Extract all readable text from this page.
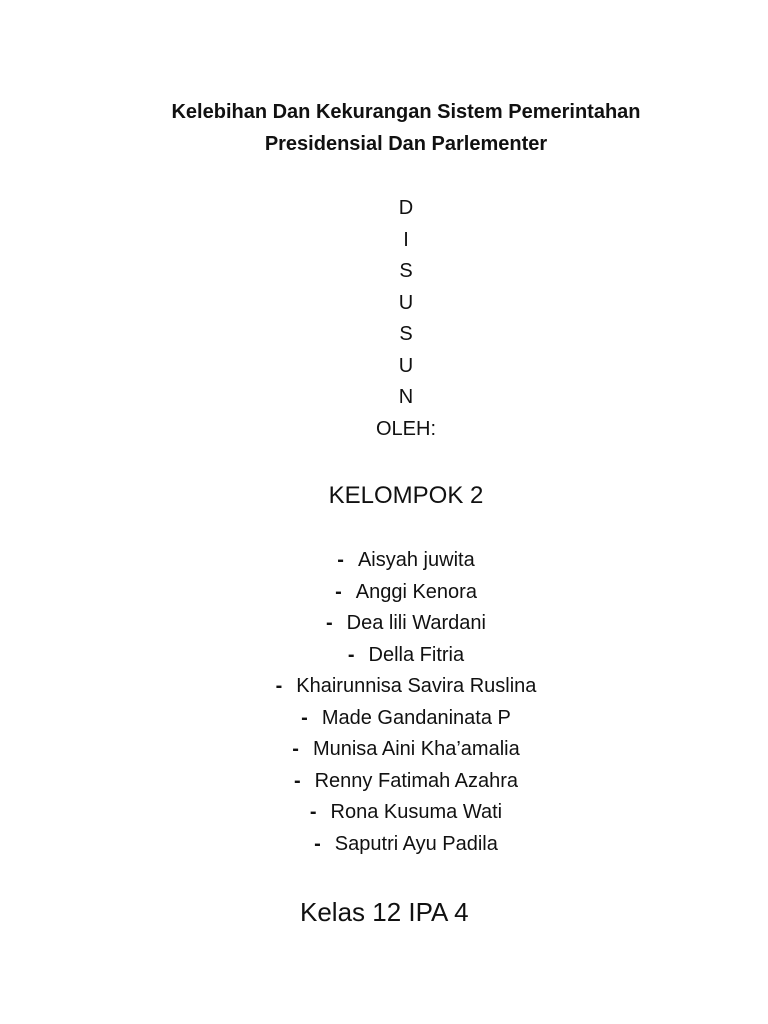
Kelebihan Dan Kekurangan Sistem Pemerintahan
Presidensial Dan Parlementer
D
I
S
U
S
U
N
OLEH:
KELOMPOK 2
- Aisyah juwita
- Anggi Kenora
- Dea lili Wardani
- Della Fitria
- Khairunnisa Savira Ruslina
- Made Gandaninata P
- Munisa Aini Kha’amalia
- Renny Fatimah Azahra
- Rona Kusuma Wati
- Saputri Ayu Padila
Kelas 12 IPA 4
